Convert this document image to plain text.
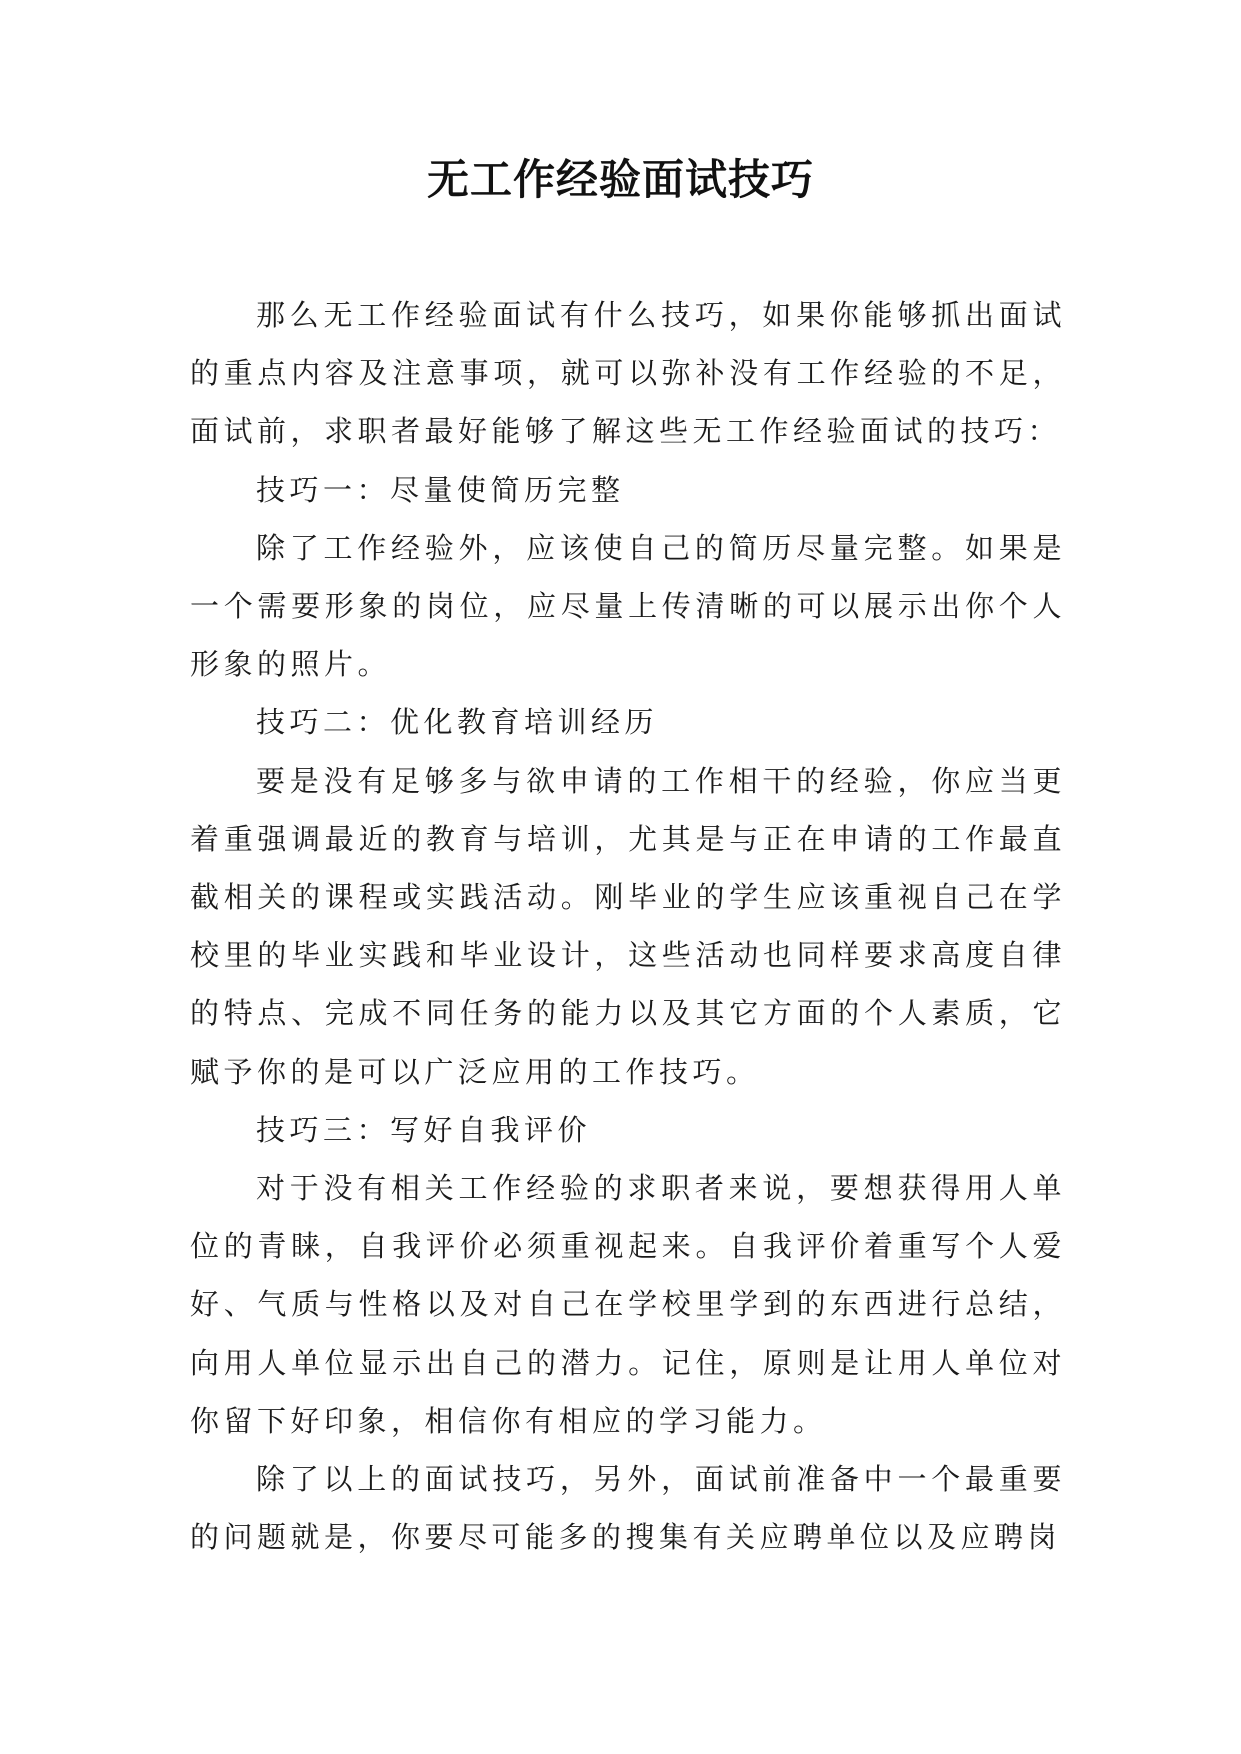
无工作经验面试技巧

那么无工作经验面试有什么技巧，如果你能够抓出面试的重点内容及注意事项，就可以弥补没有工作经验的不足，面试前，求职者最好能够了解这些无工作经验面试的技巧：

技巧一：尽量使简历完整

除了工作经验外，应该使自己的简历尽量完整。如果是一个需要形象的岗位，应尽量上传清晰的可以展示出你个人形象的照片。

技巧二：优化教育培训经历

要是没有足够多与欲申请的工作相干的经验，你应当更着重强调最近的教育与培训，尤其是与正在申请的工作最直截相关的课程或实践活动。刚毕业的学生应该重视自己在学校里的毕业实践和毕业设计，这些活动也同样要求高度自律的特点、完成不同任务的能力以及其它方面的个人素质，它赋予你的是可以广泛应用的工作技巧。

技巧三：写好自我评价

对于没有相关工作经验的求职者来说，要想获得用人单位的青睐，自我评价必须重视起来。自我评价着重写个人爱好、气质与性格以及对自己在学校里学到的东西进行总结，向用人单位显示出自己的潜力。记住，原则是让用人单位对你留下好印象，相信你有相应的学习能力。

除了以上的面试技巧，另外，面试前准备中一个最重要的问题就是，你要尽可能多的搜集有关应聘单位以及应聘岗
